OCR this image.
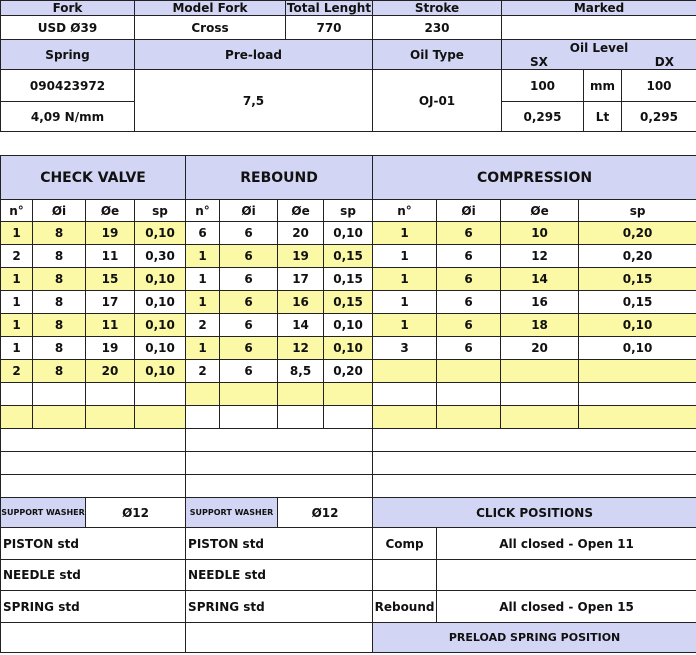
Fork	Model Fork	Total Lenght	Stroke	Marked		
USD Ø39	Cross	770	230			
Spring	Pre-load		Oil Type	Oil Level
SX DX		

090423972	7,5		OJ-01	100	mm	100
4,09 N/mm				0,295	Lt	0,295
CHECK VALVE				REBOUND				COMPRESSION			
n°	Øi	Øe	sp	n°	Øi	Øe	sp	n°	Øi	Øe	sp
1	8	19	0,10	6	6	20	0,10	1	6	10	0,20
2	8	11	0,30	1	6	19	0,15	1	6	12	0,20
1	8	15	0,10	1	6	17	0,15	1	6	14	0,15
1	8	17	0,10	1	6	16	0,15	1	6	16	0,15
1	8	11	0,10	2	6	14	0,10	1	6	18	0,10
1	8	19	0,10	1	6	12	0,10	3	6	20	0,10
2	8	20	0,10	2	6	8,5	0,20				

SUPPORT WASHER		Ø12		SUPPORT WASHER		Ø12		CLICK POSITIONS			
PISTON std				PISTON std				Comp	All closed - Open 11		
NEEDLE std				NEEDLE std							
SPRING std				SPRING std				Rebound	All closed - Open 15		
								PRELOAD SPRING POSITION			
